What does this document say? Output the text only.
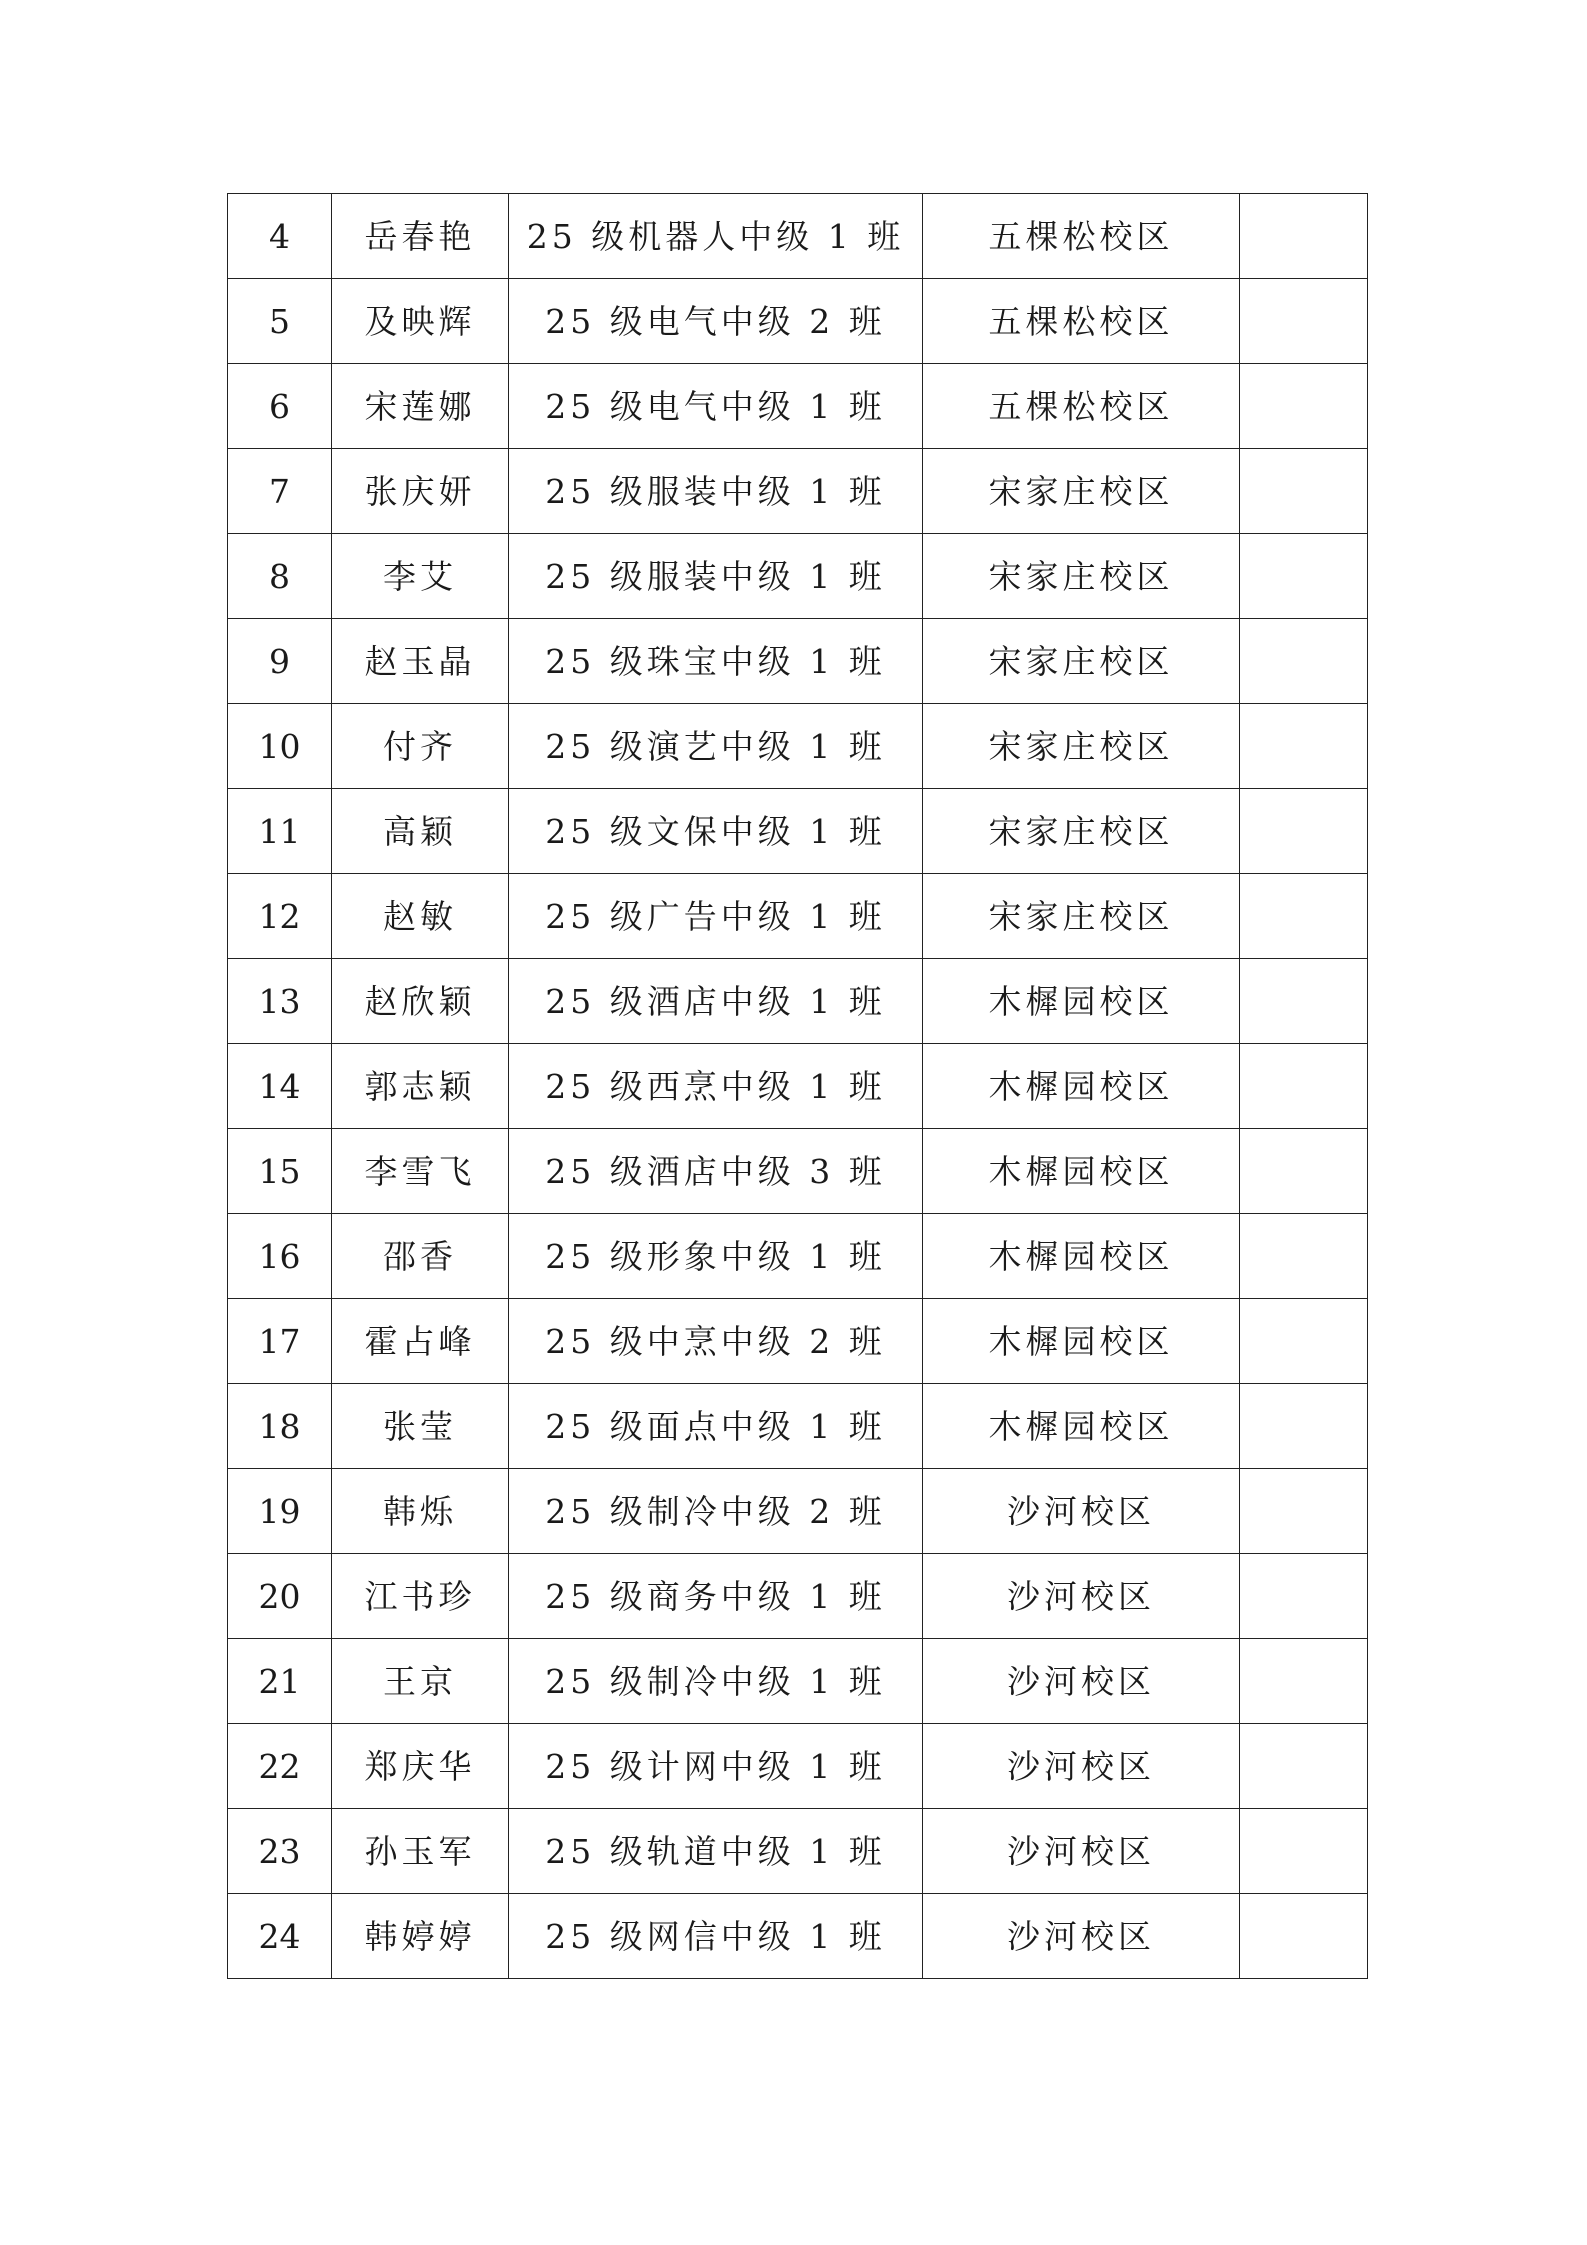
4	岳春艳	25 级机器人中级 1 班	五棵松校区	
5	及映辉	25 级电气中级 2 班	五棵松校区	
6	宋莲娜	25 级电气中级 1 班	五棵松校区	
7	张庆妍	25 级服装中级 1 班	宋家庄校区	
8	李艾	25 级服装中级 1 班	宋家庄校区	
9	赵玉晶	25 级珠宝中级 1 班	宋家庄校区	
10	付齐	25 级演艺中级 1 班	宋家庄校区	
11	高颖	25 级文保中级 1 班	宋家庄校区	
12	赵敏	25 级广告中级 1 班	宋家庄校区	
13	赵欣颖	25 级酒店中级 1 班	木樨园校区	
14	郭志颖	25 级西烹中级 1 班	木樨园校区	
15	李雪飞	25 级酒店中级 3 班	木樨园校区	
16	邵香	25 级形象中级 1 班	木樨园校区	
17	霍占峰	25 级中烹中级 2 班	木樨园校区	
18	张莹	25 级面点中级 1 班	木樨园校区	
19	韩烁	25 级制冷中级 2 班	沙河校区	
20	江书珍	25 级商务中级 1 班	沙河校区	
21	王京	25 级制冷中级 1 班	沙河校区	
22	郑庆华	25 级计网中级 1 班	沙河校区	
23	孙玉军	25 级轨道中级 1 班	沙河校区	
24	韩婷婷	25 级网信中级 1 班	沙河校区	
